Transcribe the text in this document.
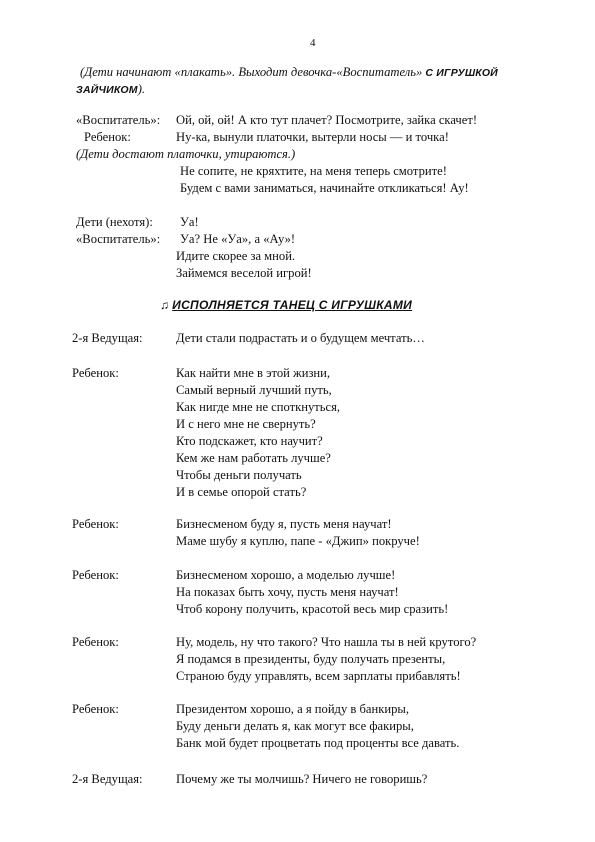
4
(Дети начинают «плакать». Выходит девочка-«Воспитатель» С ИГРУШКОЙ
ЗАЙЧИКОМ).
«Воспитатель»: Ой, ой, ой! А кто тут плачет? Посмотрите, зайка скачет!
Ребенок:	Ну-ка, вынули платочки, вытерли носы — и точка!
(Дети достают платочки, утираются.)
Не сопите, не кряхтите, на меня теперь смотрите!
Будем с вами заниматься, начинайте откликаться! Ау!
Дети (нехотя): Уа!
«Воспитатель»: Уа? Не «Уа», а «Ау»!
Идите скорее за мной.
Займемся веселой игрой!
♫ ИСПОЛНЯЕТСЯ ТАНЕЦ С ИГРУШКАМИ
2-я Ведущая:	Дети стали подрастать и о будущем мечтать…
Ребенок:	Как найти мне в этой жизни,
Самый верный лучший путь,
Как нигде мне не споткнуться,
И с него мне не свернуть?
Кто подскажет, кто научит?
Кем же нам работать лучше?
Чтобы деньги получать
И в семье опорой стать?
Ребенок:	Бизнесменом буду я, пусть меня научат!
Маме шубу я куплю, папе - «Джип» покруче!
Ребенок:	Бизнесменом хорошо, а моделью лучше!
На показах быть хочу, пусть меня научат!
Чтоб корону получить, красотой весь мир сразить!
Ребенок:	Ну, модель, ну что такого? Что нашла ты в ней крутого?
Я подамся в президенты, буду получать презенты,
Страною буду управлять, всем зарплаты прибавлять!
Ребенок:	Президентом хорошо, а я пойду в банкиры,
Буду деньги делать я, как могут все факиры,
Банк мой будет процветать под проценты все давать.
2-я Ведущая:	Почему же ты молчишь? Ничего не говоришь?
